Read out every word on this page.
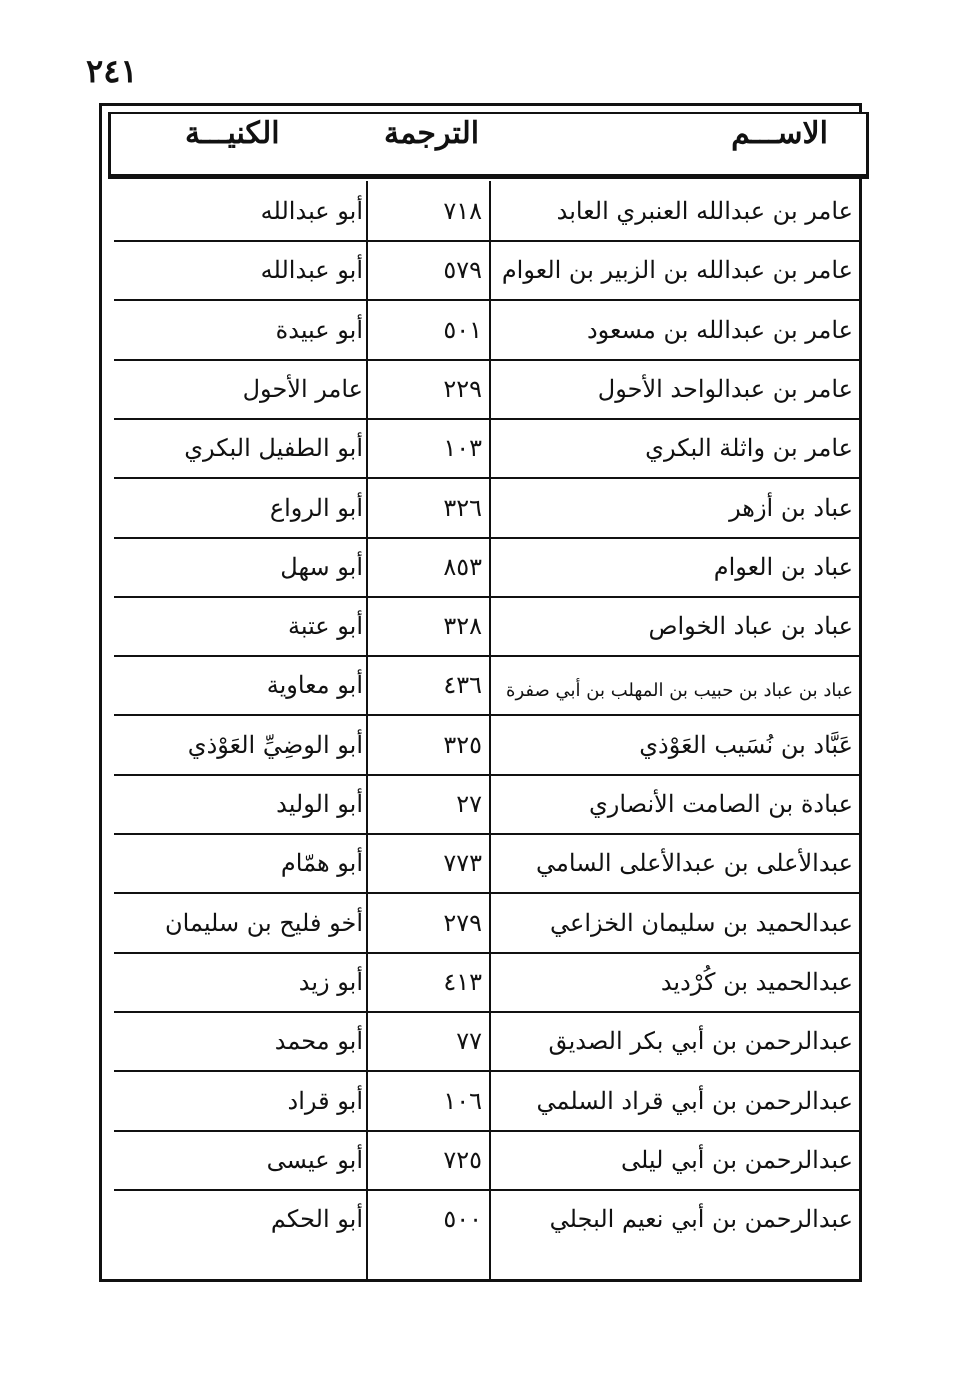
٢٤١
الاســـم
الترجمة
الكنيـــة
عامر بن عبدالله العنبري العابد
٧١٨
أبو عبدالله
عامر بن عبدالله بن الزبير بن العوام
٥٧٩
أبو عبدالله
عامر بن عبدالله بن مسعود
٥٠١
أبو عبيدة
عامر بن عبدالواحد الأحول
٢٢٩
عامر الأحول
عامر بن واثلة البكري
١٠٣
أبو الطفيل البكري
عباد بن أزهر
٣٢٦
أبو الرواع
عباد بن العوام
٨٥٣
أبو سهل
عباد بن عباد الخواص
٣٢٨
أبو عتبة
عباد بن عباد بن حبيب بن المهلب بن أبي صفرة
٤٣٦
أبو معاوية
عَبَّاد بن نُسَيب العَوْذي
٣٢٥
أبو الوضِيِّ العَوْذي
عبادة بن الصامت الأنصاري
٢٧
أبو الوليد
عبدالأعلى بن عبدالأعلى السامي
٧٧٣
أبو همّام
عبدالحميد بن سليمان الخزاعي
٢٧٩
أخو فليح بن سليمان
عبدالحميد بن كُرْديد
٤١٣
أبو زيد
عبدالرحمن بن أبي بكر الصديق
٧٧
أبو محمد
عبدالرحمن بن أبي قراد السلمي
١٠٦
أبو قراد
عبدالرحمن بن أبي ليلى
٧٢٥
أبو عيسى
عبدالرحمن بن أبي نعيم البجلي
٥٠٠
أبو الحكم
